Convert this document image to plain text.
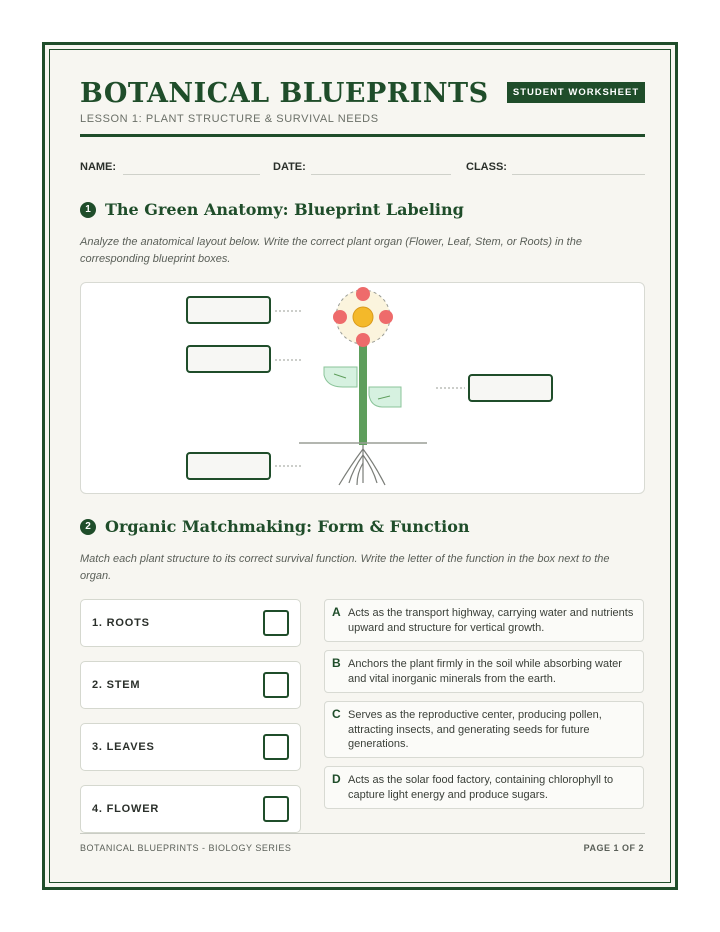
BOTANICAL BLUEPRINTS
LESSON 1: PLANT STRUCTURE & SURVIVAL NEEDS
STUDENT WORKSHEET
NAME:	DATE:	CLASS:
1 The Green Anatomy: Blueprint Labeling
Analyze the anatomical layout below. Write the correct plant organ (Flower, Leaf, Stem, or Roots) in the corresponding blueprint boxes.
2 Organic Matchmaking: Form & Function
Match each plant structure to its correct survival function. Write the letter of the function in the box next to the organ.
1. ROOTS
2. STEM
3. LEAVES
4. FLOWER
A Acts as the transport highway, carrying water and nutrients upward and structure for vertical growth.
B Anchors the plant firmly in the soil while absorbing water and vital inorganic minerals from the earth.
C Serves as the reproductive center, producing pollen, attracting insects, and generating seeds for future generations.
D Acts as the solar food factory, containing chlorophyll to capture light energy and produce sugars.
BOTANICAL BLUEPRINTS - BIOLOGY SERIES	PAGE 1 OF 2
